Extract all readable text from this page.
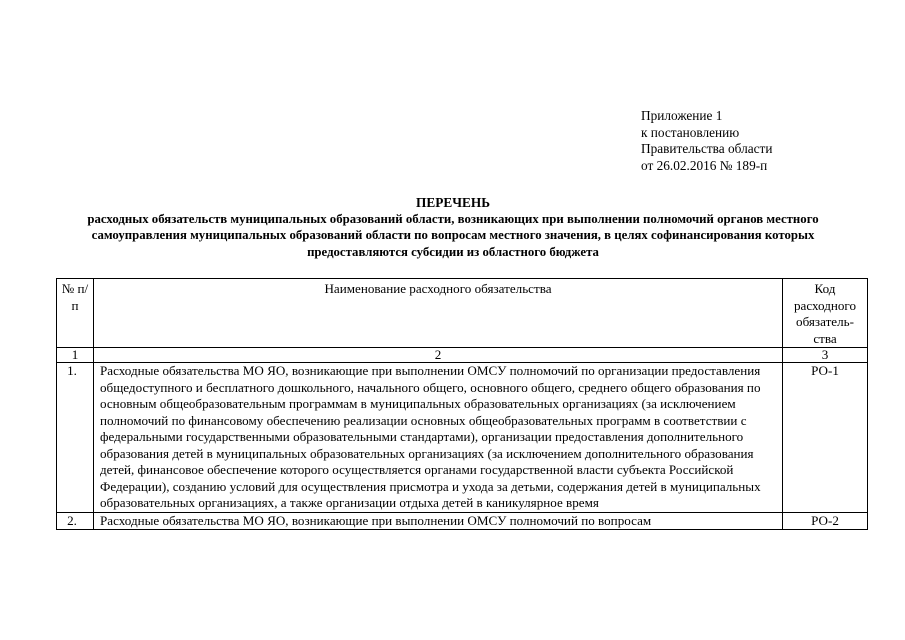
Приложение 1
к постановлению
Правительства области
от 26.02.2016 № 189-п
ПЕРЕЧЕНЬ
расходных обязательств муниципальных образований области, возникающих при выполнении полномочий органов местного самоуправления муниципальных образований области по вопросам местного значения, в целях софинансирования которых предоставляются субсидии из областного бюджета
№ п/п	Наименование расходного обязательства	Код расходного обязатель-ства
1	2	3
1.	Расходные обязательства МО ЯО, возникающие при выполнении ОМСУ полномочий по организации предоставления общедоступного и бесплатного дошкольного, начального общего, основного общего, среднего общего образования по основным общеобразовательным программам в муниципальных образовательных организациях (за исключением полномочий по финансовому обеспечению реализации основных общеобразовательных программ в соответствии с федеральными государственными образовательными стандартами), организации предоставления дополнительного образования детей в муниципальных образовательных организациях (за исключением дополнительного образования детей, финансовое обеспечение которого осуществляется органами государственной власти субъекта Российской Федерации), созданию условий для осуществления присмотра и ухода за детьми, содержания детей в муниципальных образовательных организациях, а также организации отдыха детей в каникулярное время	РО-1
2.	Расходные обязательства МО ЯО, возникающие при выполнении ОМСУ полномочий по вопросам	РО-2
